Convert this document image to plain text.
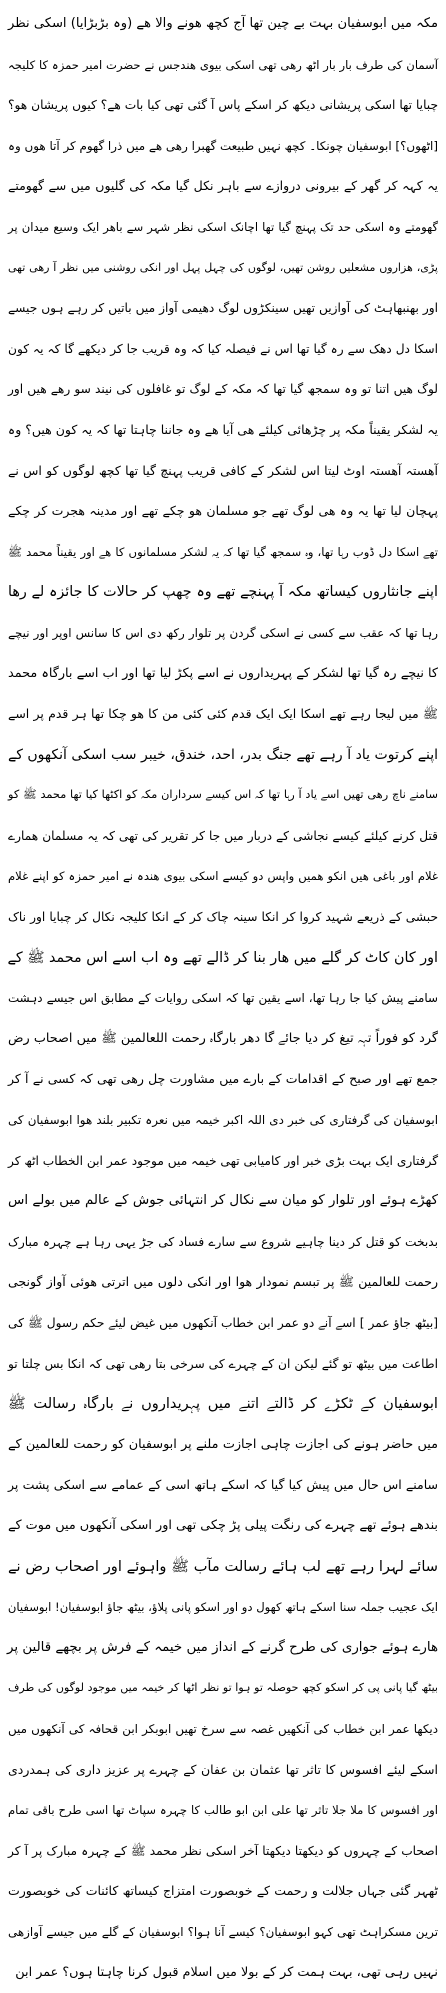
مکہ میں ابوسفیان بہت بے چین تھا آج کچھ ھونے والا ھے (وہ بڑبڑایا) اسکی نظر
آسمان کی طرف بار بار اٹھ رھی تھی اسکی بیوی ھندجس نے حضرت امیر حمزہ کا کلیجہ
چبایا تھا اسکی پریشانی دیکھ کر اسکے پاس آ گئی تھی کیا بات ھے؟ کیوں پریشان ھو؟
[اٹھوں؟] ابوسفیان چونکا۔ کچھ نہیں طبیعت گھبرا رھی ھے میں ذرا گھوم کر آتا ھوں وہ
یہ کہہ کر گھر کے بیرونی دروازے سے باہر نکل گیا مکہ کی گلیوں میں سے گھومتے
گھومتے وہ اسکی حد تک پہنچ گیا تھا اچانک اسکی نظر شہر سے باھر ایک وسیع میدان پر
پڑی، ھزاروں مشعلیں روشن تھیں، لوگوں کی چہل پہل اور انکی روشنی میں نظر آ رھی تھی
اور بھنبھاہٹ کی آوازیں تھیں سینکڑوں لوگ دھیمی آواز میں باتیں کر رہے ہوں جیسے
اسکا دل دھک سے رہ گیا تھا اس نے فیصلہ کیا کہ وہ قریب جا کر دیکھے گا کہ یہ کون
لوگ ھیں اتنا تو وہ سمجھ گیا تھا کہ مکہ کے لوگ تو غافلوں کی نیند سو رھے ھیں اور
یہ لشکر یقیناً مکہ پر چڑھائی کیلئے ھی آیا ھے وہ جاننا چاہتا تھا کہ یہ کون ھیں؟ وہ
آھستہ آھستہ اوٹ لیتا اس لشکر کے کافی قریب پہنچ گیا تھا کچھ لوگوں کو اس نے
پہچان لیا تھا یہ وہ ھی لوگ تھے جو مسلمان ھو چکے تھے اور مدینہ ھجرت کر چکے
تھے اسکا دل ڈوب رہا تھا، وہ سمجھ گیا تھا کہ یہ لشکر مسلمانوں کا ھے اور یقیناً محمد ﷺ
اپنے جانثاروں کیساتھ مکہ آ پہنچے تھے وہ چھپ کر حالات کا جائزہ لے رھا
رہا تھا کہ عقب سے کسی نے اسکی گردن پر تلوار رکھ دی اس کا سانس اوپر اور نیچے
کا نیچے رہ گیا تھا لشکر کے پہریداروں نے اسے پکڑ لیا تھا اور اب اسے بارگاہ محمد
ﷺ میں لیجا رہے تھے اسکا ایک ایک قدم کئی کئی من کا ھو چکا تھا ہر قدم پر اسے
اپنے کرتوت یاد آ رہے تھے جنگ بدر، احد، خندق، خیبر سب اسکی آنکھوں کے
سامنے ناچ رھی تھیں اسے یاد آ رہا تھا کہ اس کیسے سرداران مکہ کو اکٹھا کیا تھا محمد ﷺ کو
قتل کرنے کیلئے کیسے نجاشی کے دربار میں جا کر تقریر کی تھی کہ یہ مسلمان ھمارے
غلام اور باغی ھیں انکو ھمیں واپس دو کیسے اسکی بیوی ھندہ نے امیر حمزہ کو اپنے غلام
حبشی کے ذریعے شہید کروا کر انکا سینہ چاک کر کے انکا کلیجہ نکال کر چبایا اور ناک
اور کان کاٹ کر گلے میں ھار بنا کر ڈالے تھے وہ اب اسے اس محمد ﷺ کے
سامنے پیش کیا جا رہا تھا، اسے یقین تھا کہ اسکی روایات کے مطابق اس جیسے دہشت
گرد کو فوراً تہہ تیغ کر دیا جائے گا دھر بارگاہ رحمت اللعالمین ﷺ میں اصحاب رض
جمع تھے اور صبح کے اقدامات کے بارے میں مشاورت چل رھی تھی کہ کسی نے آ کر
ابوسفیان کی گرفتاری کی خبر دی اللہ اکبر خیمہ میں نعرہ تکبیر بلند ھوا ابوسفیان کی
گرفتاری ایک بہت بڑی خبر اور کامیابی تھی خیمہ میں موجود عمر ابن الخطاب اٹھ کر
کھڑے ہوئے اور تلوار کو میان سے نکال کر انتہائی جوش کے عالم میں بولے اس
بدبخت کو قتل کر دینا چاہیے شروع سے سارے فساد کی جڑ یہی رہا ہے چہرہ مبارک
رحمت للعالمین ﷺ پر تبسم نمودار ھوا اور انکی دلوں میں اترتی ھوئی آواز گونجی
[بیٹھ جاؤ عمر ] اسے آنے دو عمر ابن خطاب آنکھوں میں غیض لیئے حکم رسول ﷺ کی
اطاعت میں بیٹھ تو گئے لیکن ان کے چہرے کی سرخی بتا رھی تھی کہ انکا بس چلتا تو
ابوسفیان کے ٹکڑے کر ڈالتے اتنے میں پہریداروں نے بارگاہ رسالت ﷺ
میں حاضر ہونے کی اجازت چاہی اجازت ملنے پر ابوسفیان کو رحمت للعالمین کے
سامنے اس حال میں پیش کیا گیا کہ اسکے ہاتھ اسی کے عمامے سے اسکی پشت پر
بندھے ہوئے تھے چہرے کی رنگت پیلی پڑ چکی تھی اور اسکی آنکھوں میں موت کے
سائے لہرا رہے تھے لب ہائے رسالت مآب ﷺ واہوئے اور اصحاب رض نے
ایک عجیب جملہ سنا اسکے ہاتھ کھول دو اور اسکو پانی پلاؤ، بیٹھ جاؤ ابوسفیان! ابوسفیان
ھارے ہوئے جواری کی طرح گرنے کے انداز میں خیمہ کے فرش پر بچھے قالین پر
بیٹھ گیا پانی پی کر اسکو کچھ حوصلہ تو ہوا تو نظر اٹھا کر خیمہ میں موجود لوگوں کی طرف
دیکھا عمر ابن خطاب کی آنکھیں غصہ سے سرخ تھیں ابوبکر ابن قحافہ کی آنکھوں میں
اسکے لیئے افسوس کا تاثر تھا عثمان بن عفان کے چہرے پر عزیز داری کی ہمدردی
اور افسوس کا ملا جلا تاثر تھا علی ابن ابو طالب کا چہرہ سپاٹ تھا اسی طرح باقی تمام
اصحاب کے چہروں کو دیکھتا دیکھتا آخر اسکی نظر محمد ﷺ کے چہرہ مبارک پر آ کر
ٹھہر گئی جہاں جلالت و رحمت کے خوبصورت امتزاج کیساتھ کائنات کی خوبصورت
ترین مسکراہٹ تھی کہو ابوسفیان؟ کیسے آنا ہوا؟ ابوسفیان کے گلے میں جیسے آوازھی
نہیں رہی تھی، بہت ہمت کر کے بولا میں اسلام قبول کرنا چاہتا ہوں؟ عمر ابن
